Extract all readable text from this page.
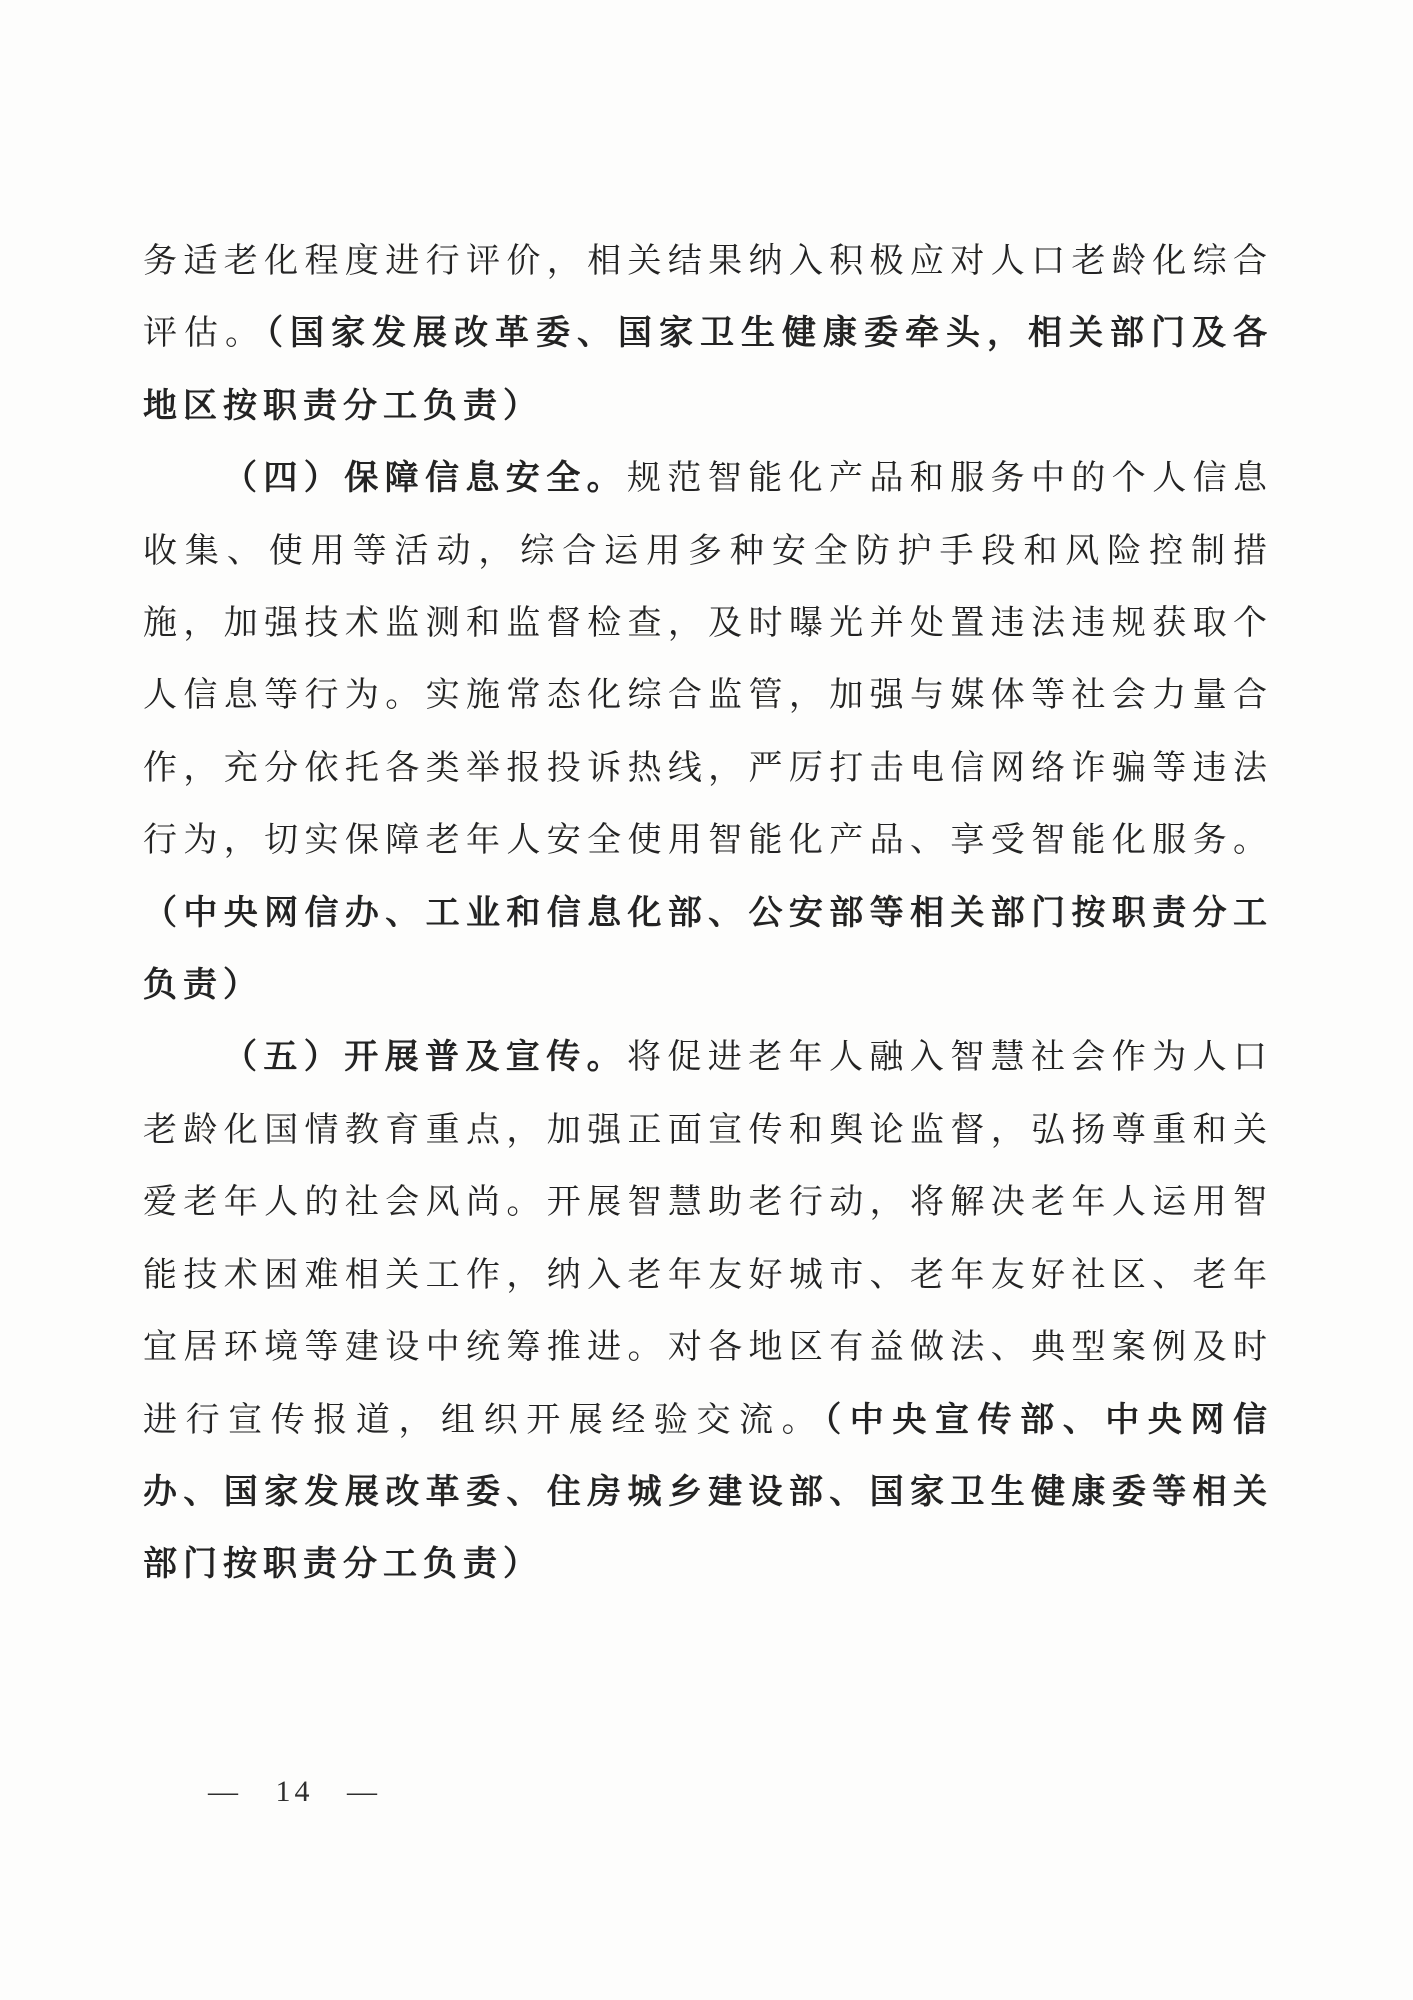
务适老化程度进行评价，相关结果纳入积极应对人口老龄化综合评估。（国家发展改革委、国家卫生健康委牵头，相关部门及各地区按职责分工负责）

（四）保障信息安全。规范智能化产品和服务中的个人信息收集、使用等活动，综合运用多种安全防护手段和风险控制措施，加强技术监测和监督检查，及时曝光并处置违法违规获取个人信息等行为。实施常态化综合监管，加强与媒体等社会力量合作，充分依托各类举报投诉热线，严厉打击电信网络诈骗等违法行为，切实保障老年人安全使用智能化产品、享受智能化服务。（中央网信办、工业和信息化部、公安部等相关部门按职责分工负责）

（五）开展普及宣传。将促进老年人融入智慧社会作为人口老龄化国情教育重点，加强正面宣传和舆论监督，弘扬尊重和关爱老年人的社会风尚。开展智慧助老行动，将解决老年人运用智能技术困难相关工作，纳入老年友好城市、老年友好社区、老年宜居环境等建设中统筹推进。对各地区有益做法、典型案例及时进行宣传报道，组织开展经验交流。（中央宣传部、中央网信办、国家发展改革委、住房城乡建设部、国家卫生健康委等相关部门按职责分工负责）

— 14 —
